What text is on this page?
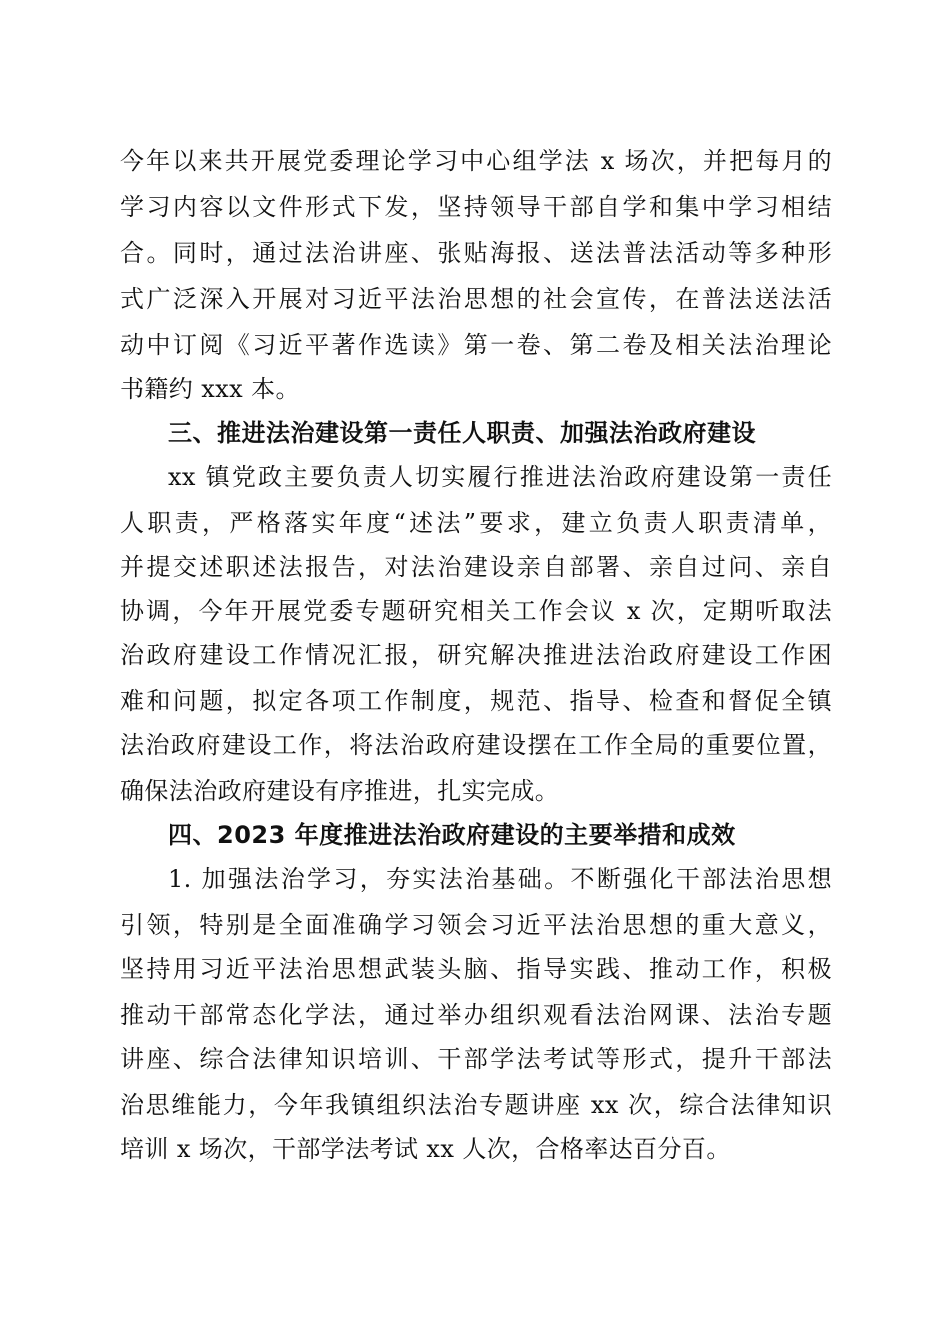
今年以来共开展党委理论学习中心组学法 x 场次，并把每月的
学习内容以文件形式下发，坚持领导干部自学和集中学习相结
合。同时，通过法治讲座、张贴海报、送法普法活动等多种形
式广泛深入开展对习近平法治思想的社会宣传，在普法送法活
动中订阅《习近平著作选读》第一卷、第二卷及相关法治理论
书籍约 xxx 本。
三、推进法治建设第一责任人职责、加强法治政府建设
xx 镇党政主要负责人切实履行推进法治政府建设第一责任
人职责，严格落实年度“述法”要求，建立负责人职责清单，
并提交述职述法报告，对法治建设亲自部署、亲自过问、亲自
协调，今年开展党委专题研究相关工作会议 x 次，定期听取法
治政府建设工作情况汇报，研究解决推进法治政府建设工作困
难和问题，拟定各项工作制度，规范、指导、检查和督促全镇
法治政府建设工作，将法治政府建设摆在工作全局的重要位置，
确保法治政府建设有序推进，扎实完成。
四、2023 年度推进法治政府建设的主要举措和成效
1. 加强法治学习，夯实法治基础。不断强化干部法治思想
引领，特别是全面准确学习领会习近平法治思想的重大意义，
坚持用习近平法治思想武装头脑、指导实践、推动工作，积极
推动干部常态化学法，通过举办组织观看法治网课、法治专题
讲座、综合法律知识培训、干部学法考试等形式，提升干部法
治思维能力，今年我镇组织法治专题讲座 xx 次，综合法律知识
培训 x 场次，干部学法考试 xx 人次，合格率达百分百。
